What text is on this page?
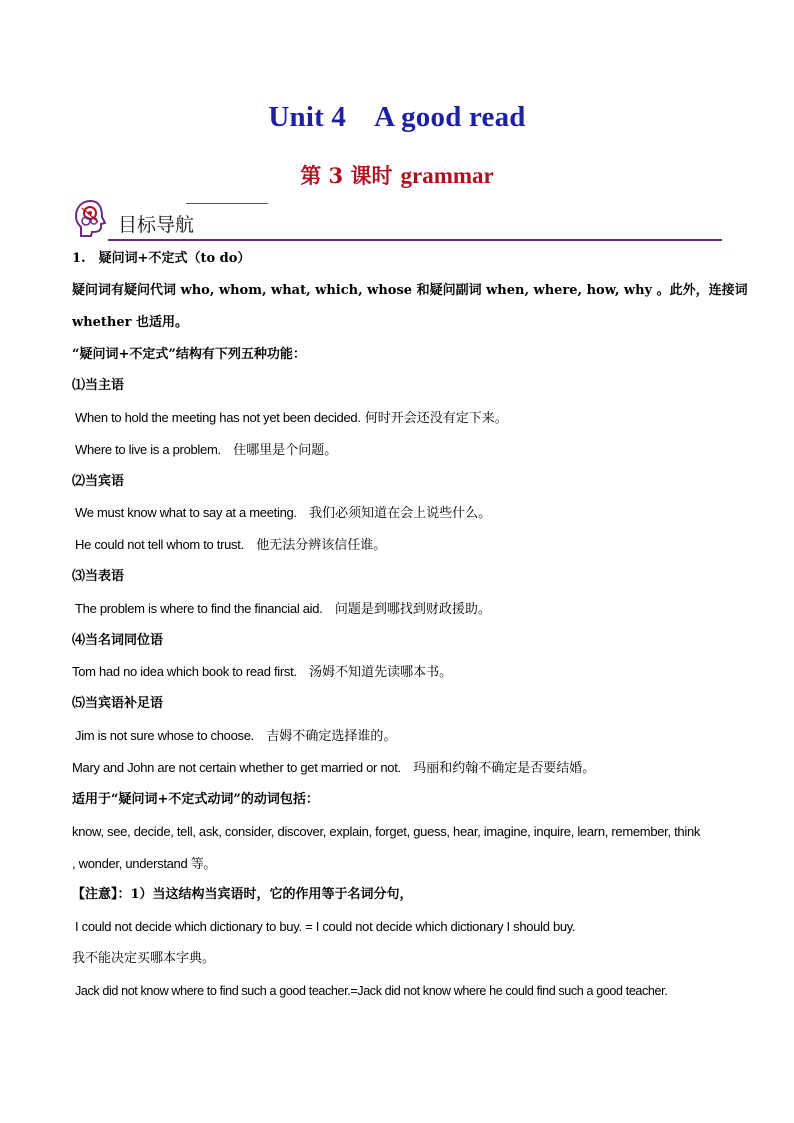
Unit 4 A good read
第 3 课时 grammar
目标导航
1.　疑问词+不定式（to do）
疑问词有疑问代词 who, whom, what, which, whose 和疑问副词 when, where, how, why 。此外，连接词
whether 也适用。
“疑问词+不定式”结构有下列五种功能：
⑴当主语
When to hold the meeting has not yet been decided. 何时开会还没有定下来。
Where to live is a problem. 住哪里是个问题。
⑵当宾语
We must know what to say at a meeting. 我们必须知道在会上说些什么。
He could not tell whom to trust. 他无法分辨该信任谁。
⑶当表语
The problem is where to find the financial aid. 问题是到哪找到财政援助。
⑷当名词同位语
Tom had no idea which book to read first. 汤姆不知道先读哪本书。
⑸当宾语补足语
Jim is not sure whose to choose. 吉姆不确定选择谁的。
Mary and John are not certain whether to get married or not. 玛丽和约翰不确定是否要结婚。
适用于“疑问词+不定式动词”的动词包括：
know, see, decide, tell, ask, consider, discover, explain, forget, guess, hear, imagine, inquire, learn, remember, think
, wonder, understand 等。
【注意】：1）当这结构当宾语时，它的作用等于名词分句，
I could not decide which dictionary to buy. = I could not decide which dictionary I should buy.
我不能决定买哪本字典。
Jack did not know where to find such a good teacher.=Jack did not know where he could find such a good teacher.
